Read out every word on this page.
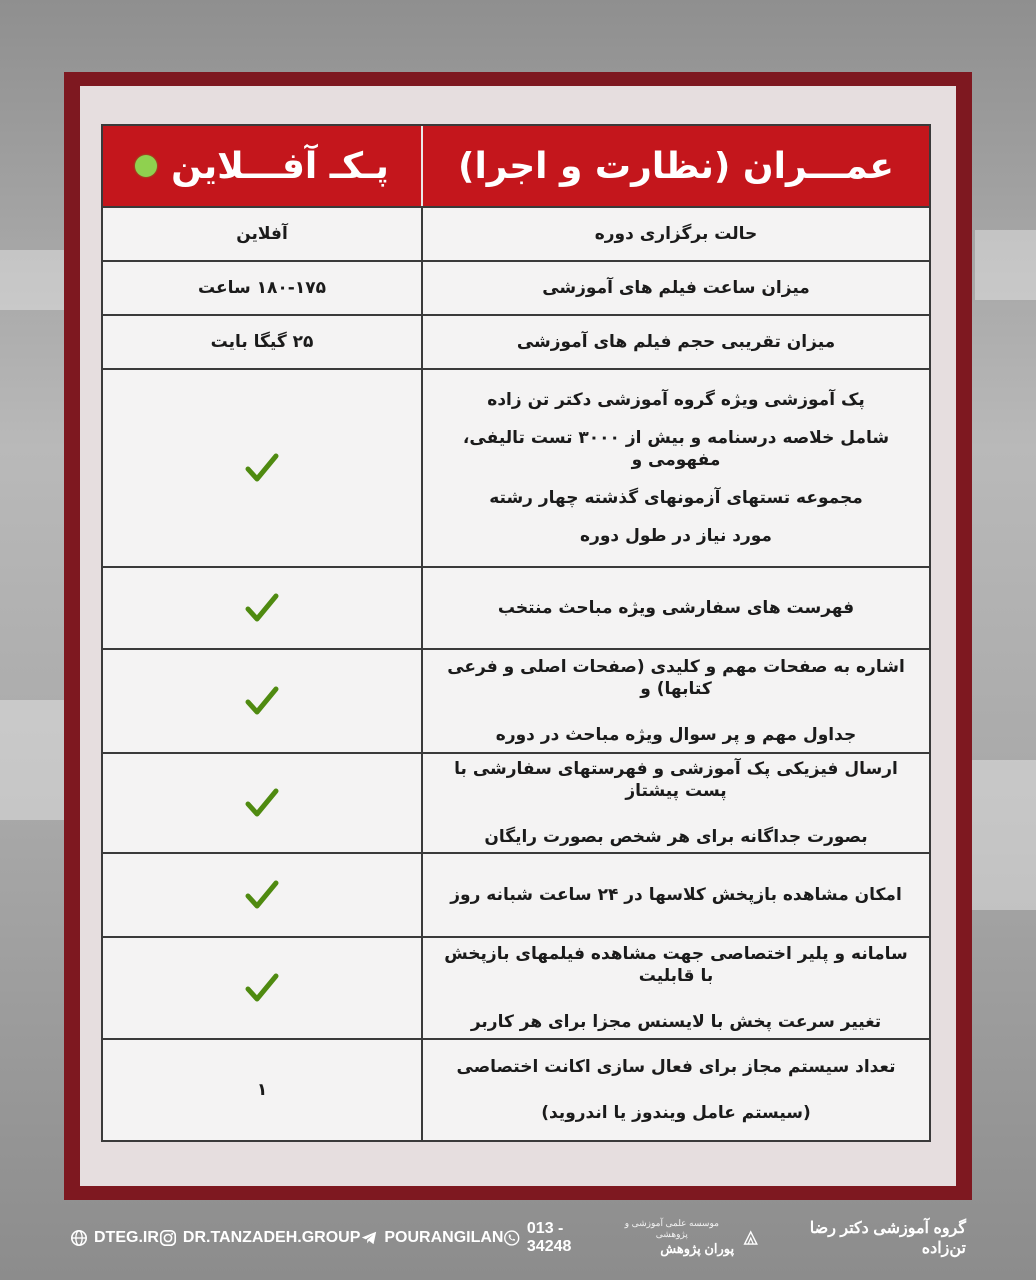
عمـــران (نظارت و اجرا)
پـکـ آفـــلاین
حالت برگزاری دوره
آفلاین
میزان ساعت فیلم های آموزشی
۱۸۰-۱۷۵ ساعت
میزان تقریبی حجم فیلم های آموزشی
۲۵ گیگا بایت
پک آموزشی ویژه گروه آموزشی دکتر تن زاده
شامل خلاصه درسنامه و بیش از ۳۰۰۰ تست تالیفی، مفهومی و
مجموعه تستهای آزمونهای گذشته چهار رشته
مورد نیاز در طول دوره
فهرست های سفارشی ویژه مباحث منتخب
اشاره به صفحات مهم و کلیدی (صفحات اصلی و فرعی کتابها) و
جداول مهم و پر سوال ویژه مباحث در دوره
ارسال فیزیکی پک آموزشی و فهرستهای سفارشی با پست پیشتاز
بصورت جداگانه برای هر شخص بصورت رایگان
امکان مشاهده بازپخش کلاسها در ۲۴ ساعت شبانه روز
سامانه و پلیر اختصاصی جهت مشاهده فیلمهای بازپخش با قابلیت
تغییر سرعت پخش با لایسنس مجزا برای هر کاربر
تعداد سیستم مجاز برای فعال سازی اکانت اختصاصی
(سیستم عامل ویندوز یا اندروید)
۱
DTEG.IR DR.TANZADEH.GROUP POURANGILAN
013 - 34248
گروه آموزشی دکتر رضا تن‌زاده
موسسه علمی آموزشی و پژوهشی
پوران پژوهش
